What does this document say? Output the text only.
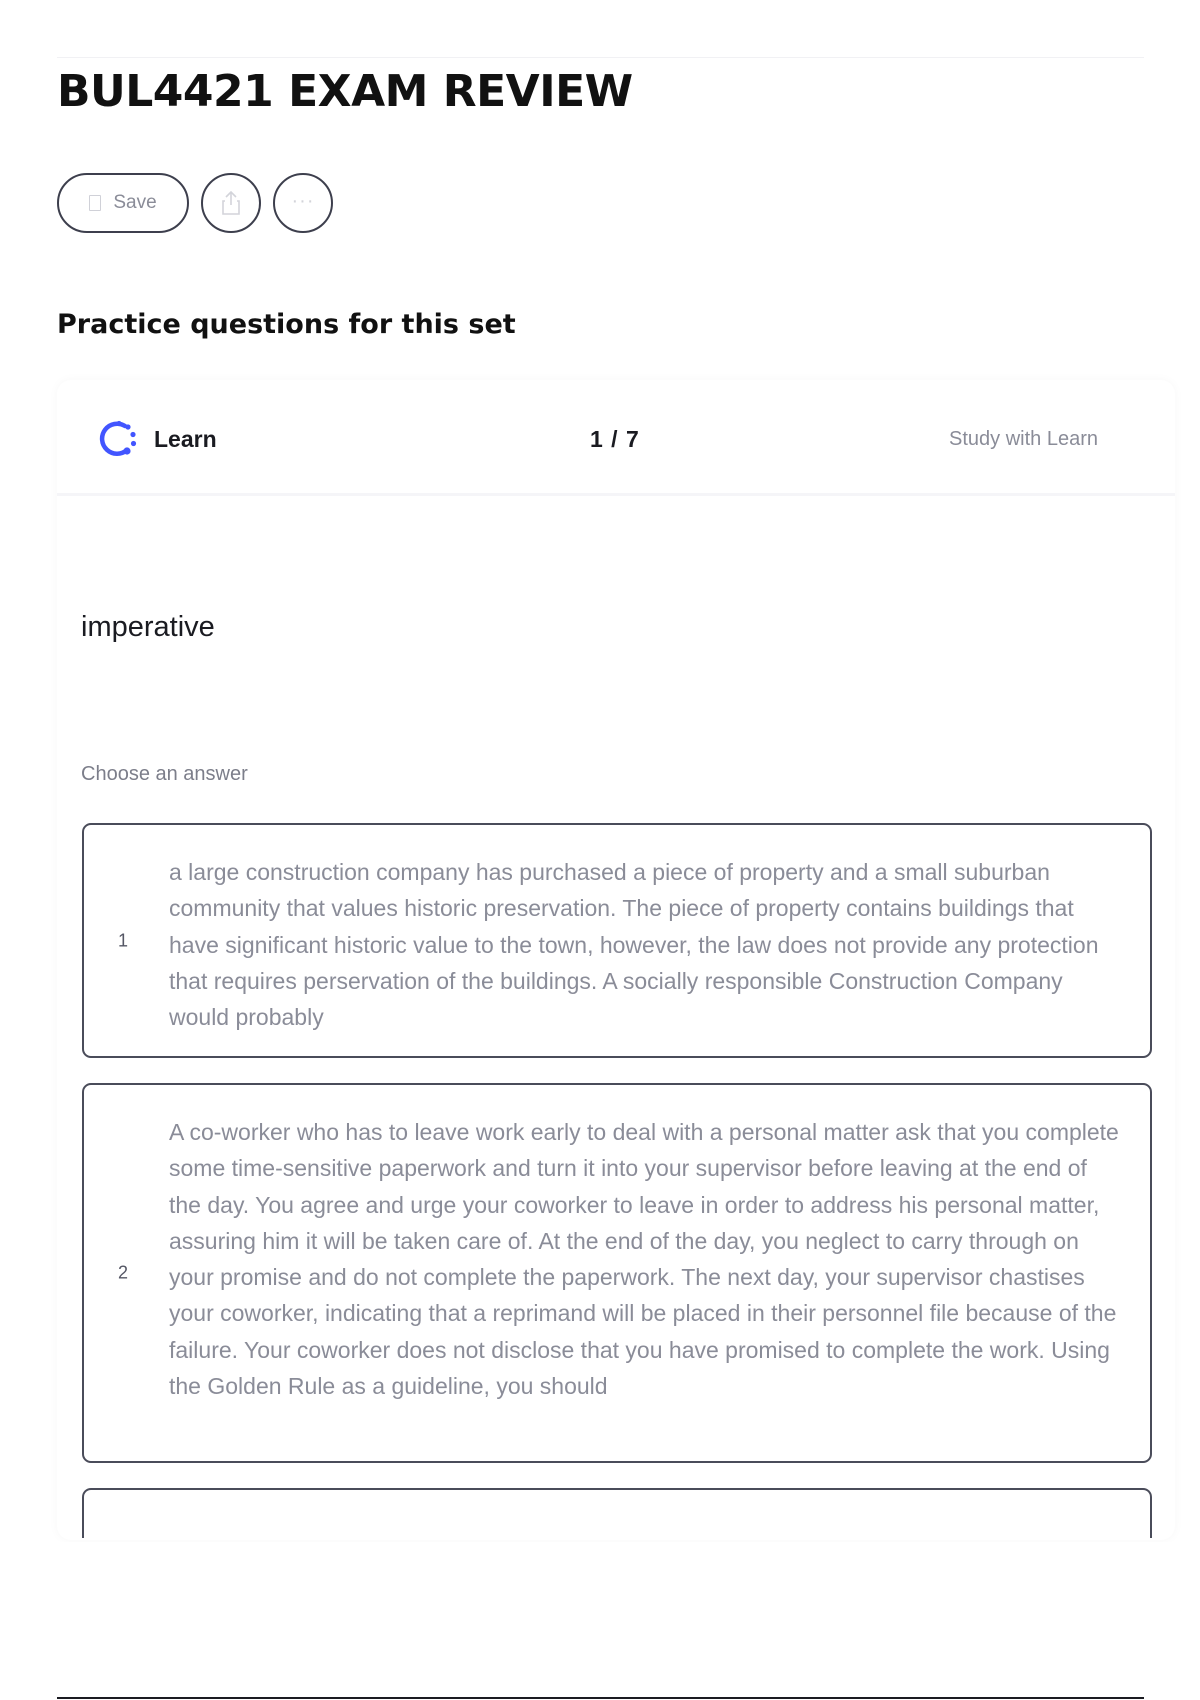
BUL4421 EXAM REVIEW
Save	···
Practice questions for this set
Learn	1 / 7	Study with Learn
imperative
Choose an answer
1

a large construction company has purchased a piece of property and a small suburban community that values historic preservation. The piece of property contains buildings that have significant historic value to the town, however, the law does not provide any protection that requires perservation of the buildings. A socially responsible Construction Company would probably

2

A co-worker who has to leave work early to deal with a personal matter ask that you complete some time-sensitive paperwork and turn it into your supervisor before leaving at the end of the day. You agree and urge your coworker to leave in order to address his personal matter, assuring him it will be taken care of. At the end of the day, you neglect to carry through on your promise and do not complete the paperwork. The next day, your supervisor chastises your coworker, indicating that a reprimand will be placed in their personnel file because of the failure. Your coworker does not disclose that you have promised to complete the work. Using the Golden Rule as a guideline, you should
